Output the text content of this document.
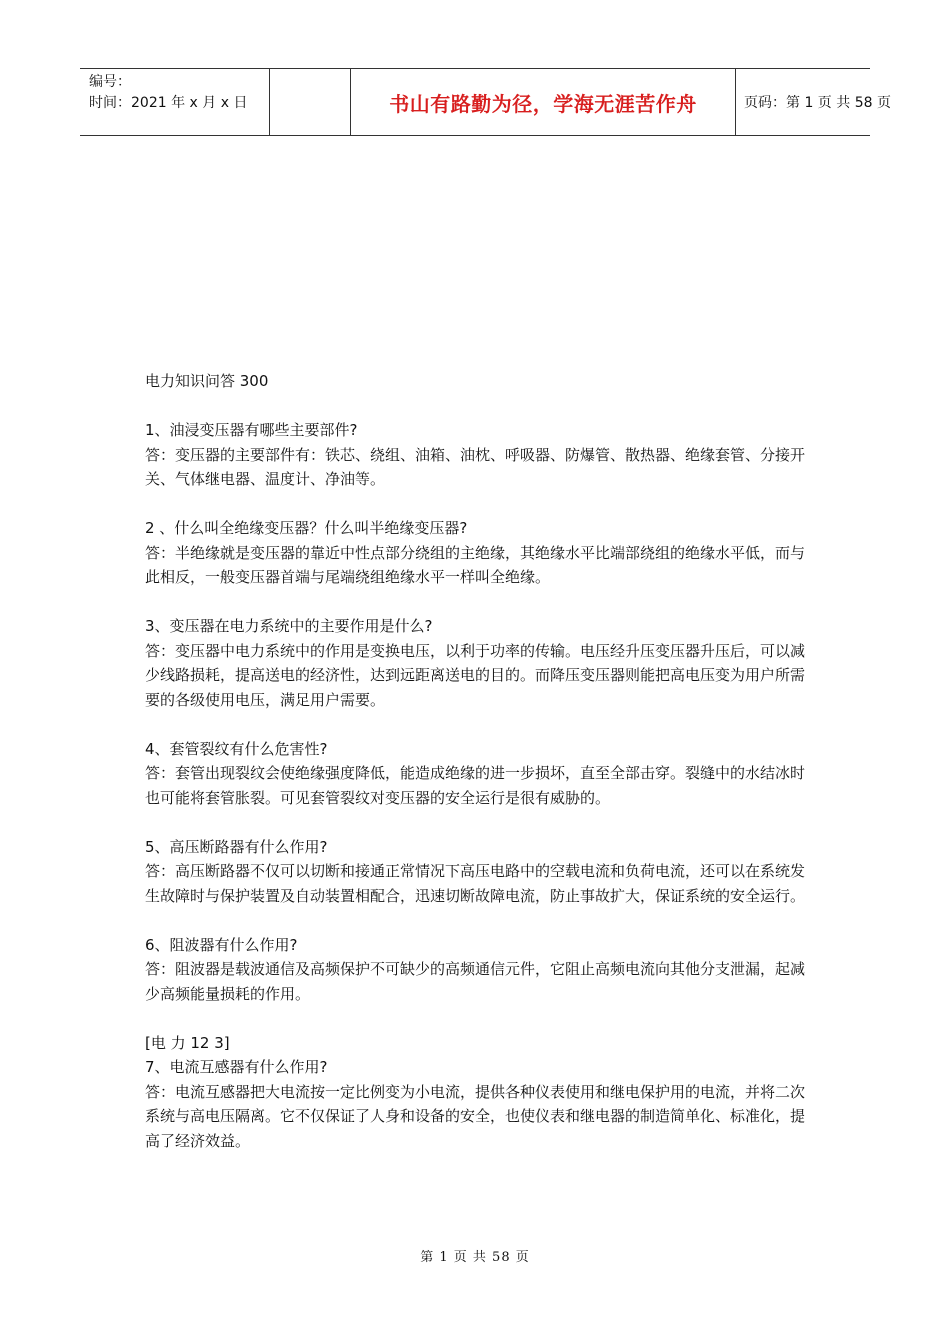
编号：
时间：2021 年 x 月 x 日	书山有路勤为径，学海无涯苦作舟	页码：第 1 页 共 58 页

电力知识问答 300

1、油浸变压器有哪些主要部件?

答：变压器的主要部件有：铁芯、绕组、油箱、油枕、呼吸器、防爆管、散热器、绝缘套管、分接开关、气体继电器、温度计、净油等。

2 、什么叫全绝缘变压器？什么叫半绝缘变压器?

答：半绝缘就是变压器的靠近中性点部分绕组的主绝缘，其绝缘水平比端部绕组的绝缘水平低，而与此相反，一般变压器首端与尾端绕组绝缘水平一样叫全绝缘。

3、变压器在电力系统中的主要作用是什么?

答：变压器中电力系统中的作用是变换电压，以利于功率的传输。电压经升压变压器升压后，可以减少线路损耗，提高送电的经济性，达到远距离送电的目的。而降压变压器则能把高电压变为用户所需要的各级使用电压，满足用户需要。

4、套管裂纹有什么危害性?

答：套管出现裂纹会使绝缘强度降低，能造成绝缘的进一步损坏，直至全部击穿。裂缝中的水结冰时也可能将套管胀裂。可见套管裂纹对变压器的安全运行是很有威胁的。

5、高压断路器有什么作用?

答：高压断路器不仅可以切断和接通正常情况下高压电路中的空载电流和负荷电流，还可以在系统发生故障时与保护装置及自动装置相配合，迅速切断故障电流，防止事故扩大，保证系统的安全运行。

6、阻波器有什么作用?

答：阻波器是载波通信及高频保护不可缺少的高频通信元件，它阻止高频电流向其他分支泄漏，起减少高频能量损耗的作用。

[电 力 12 3]

7、电流互感器有什么作用?

答：电流互感器把大电流按一定比例变为小电流，提供各种仪表使用和继电保护用的电流，并将二次系统与高电压隔离。它不仅保证了人身和设备的安全，也使仪表和继电器的制造简单化、标准化，提高了经济效益。

第 1 页 共 58 页
